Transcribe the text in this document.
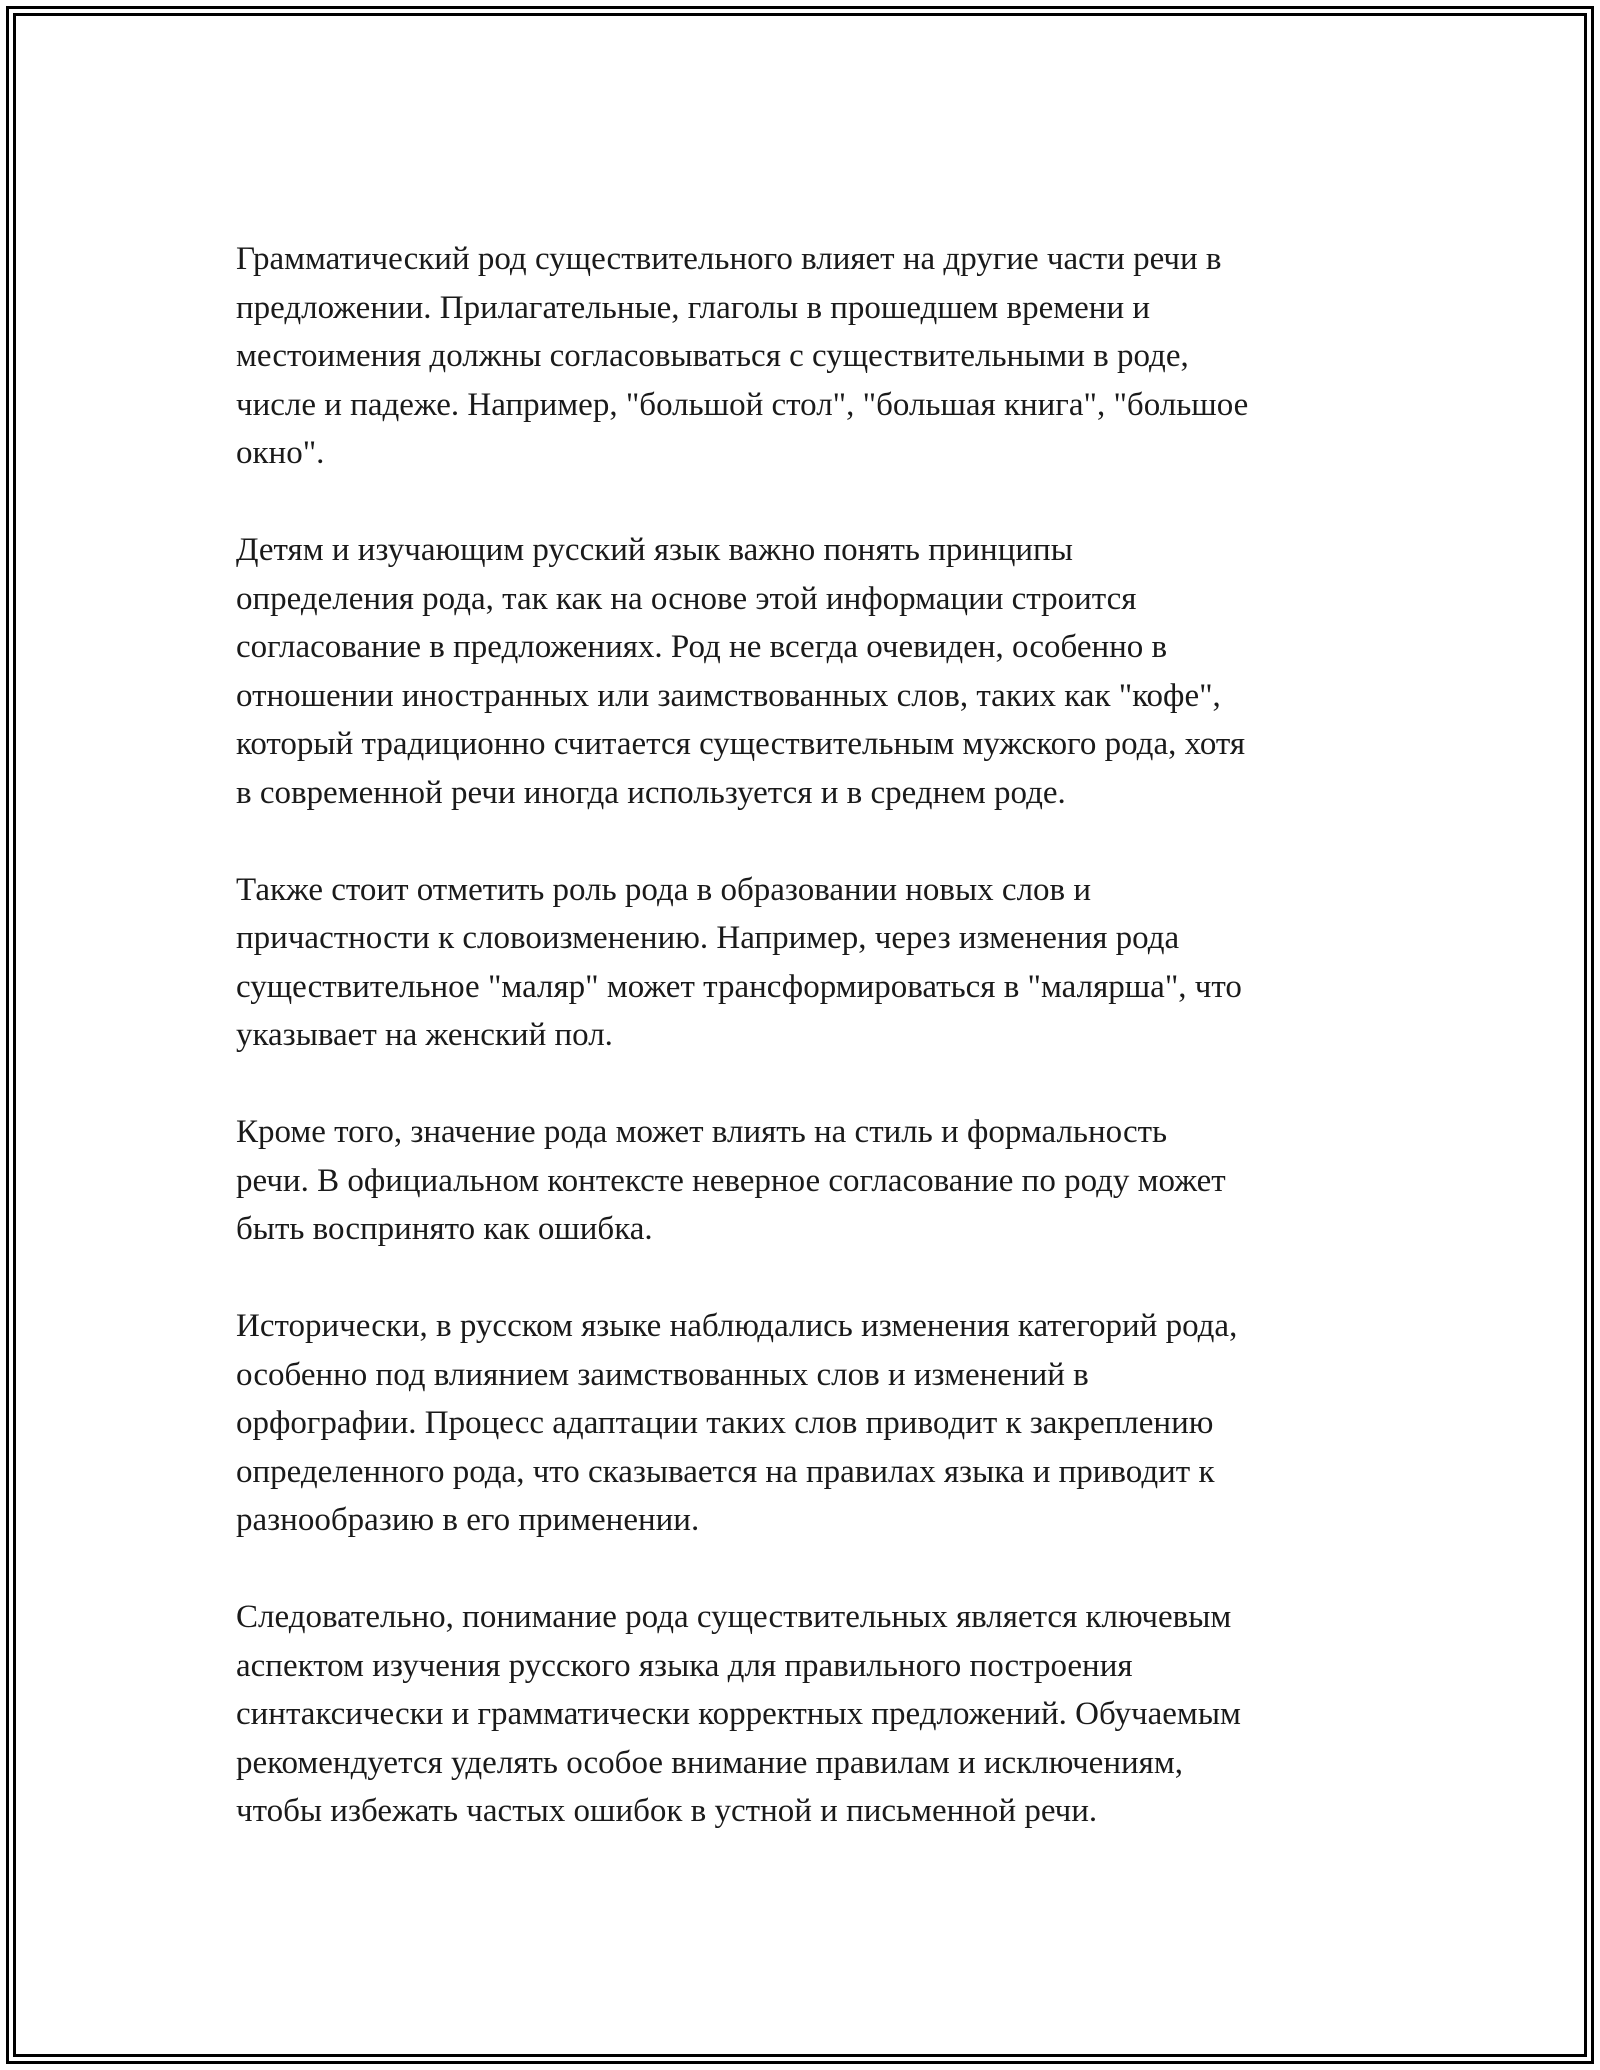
Грамматический род существительного влияет на другие части речи в
предложении. Прилагательные, глаголы в прошедшем времени и
местоимения должны согласовываться с существительными в роде,
числе и падеже. Например, "большой стол", "большая книга", "большое
окно".

Детям и изучающим русский язык важно понять принципы
определения рода, так как на основе этой информации строится
согласование в предложениях. Род не всегда очевиден, особенно в
отношении иностранных или заимствованных слов, таких как "кофе",
который традиционно считается существительным мужского рода, хотя
в современной речи иногда используется и в среднем роде.

Также стоит отметить роль рода в образовании новых слов и
причастности к словоизменению. Например, через изменения рода
существительное "маляр" может трансформироваться в "малярша", что
указывает на женский пол.

Кроме того, значение рода может влиять на стиль и формальность
речи. В официальном контексте неверное согласование по роду может
быть воспринято как ошибка.

Исторически, в русском языке наблюдались изменения категорий рода,
особенно под влиянием заимствованных слов и изменений в
орфографии. Процесс адаптации таких слов приводит к закреплению
определенного рода, что сказывается на правилах языка и приводит к
разнообразию в его применении.

Следовательно, понимание рода существительных является ключевым
аспектом изучения русского языка для правильного построения
синтаксически и грамматически корректных предложений. Обучаемым
рекомендуется уделять особое внимание правилам и исключениям,
чтобы избежать частых ошибок в устной и письменной речи.
